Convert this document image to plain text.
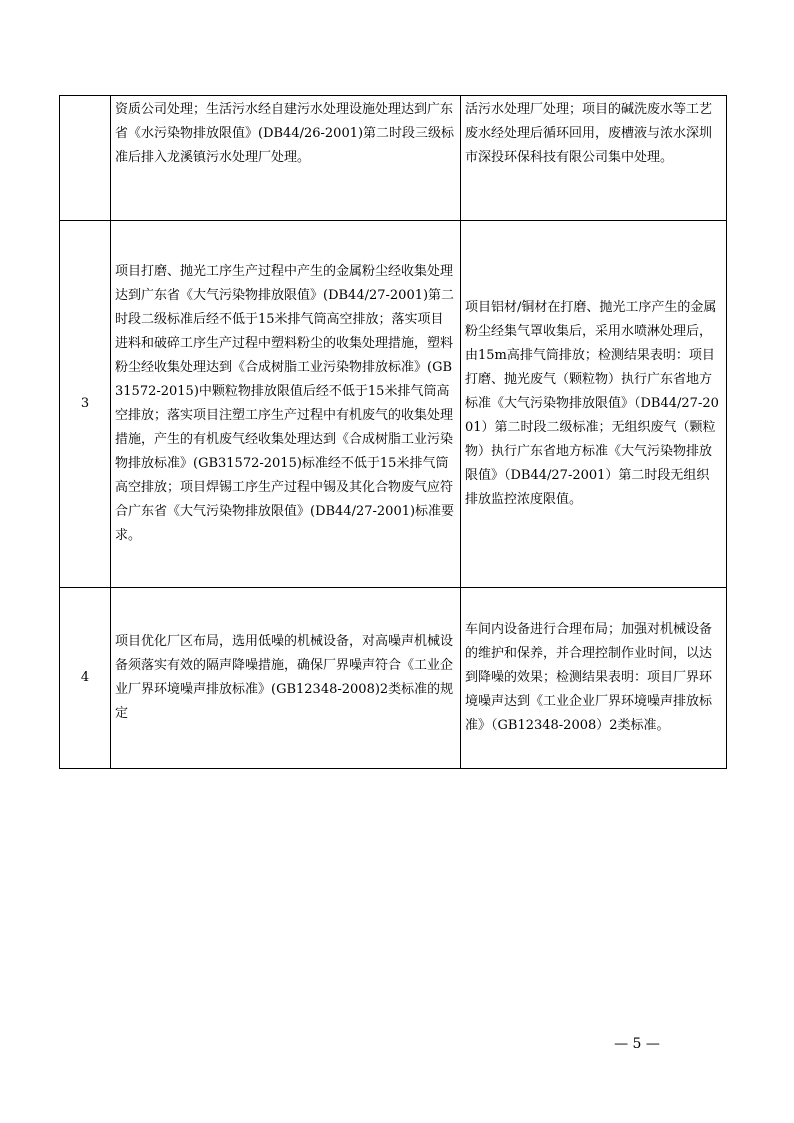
	资质公司处理；生活污水经自建污水处理设施处理达到广东省《水污染物排放限值》(DB44/26-2001)第二时段三级标准后排入龙溪镇污水处理厂处理。	活污水处理厂处理；项目的碱洗废水等工艺废水经处理后循环回用，废槽液与浓水深圳市深投环保科技有限公司集中处理。
3	项目打磨、抛光工序生产过程中产生的金属粉尘经收集处理达到广东省《大气污染物排放限值》(DB44/27-2001)第二时段二级标准后经不低于15米排气筒高空排放；落实项目进料和破碎工序生产过程中塑料粉尘的收集处理措施，塑料粉尘经收集处理达到《合成树脂工业污染物排放标准》(GB31572-2015)中颗粒物排放限值后经不低于15米排气筒高空排放；落实项目注塑工序生产过程中有机废气的收集处理措施，产生的有机废气经收集处理达到《合成树脂工业污染物排放标准》(GB31572-2015)标准经不低于15米排气筒高空排放；项目焊锡工序生产过程中锡及其化合物废气应符合广东省《大气污染物排放限值》(DB44/27-2001)标准要求。	项目铝材/铜材在打磨、抛光工序产生的金属粉尘经集气罩收集后，采用水喷淋处理后，由15m高排气筒排放；检测结果表明：项目打磨、抛光废气（颗粒物）执行广东省地方标准《大气污染物排放限值》（DB44/27-2001）第二时段二级标准；无组织废气（颗粒物）执行广东省地方标准《大气污染物排放限值》（DB44/27-2001）第二时段无组织排放监控浓度限值。
4	项目优化厂区布局，选用低噪的机械设备，对高噪声机械设备须落实有效的隔声降噪措施，确保厂界噪声符合《工业企业厂界环境噪声排放标准》(GB12348-2008)2类标准的规定	车间内设备进行合理布局；加强对机械设备的维护和保养，并合理控制作业时间，以达到降噪的效果；检测结果表明：项目厂界环境噪声达到《工业企业厂界环境噪声排放标准》（GB12348-2008）2类标准。
— 5 —
